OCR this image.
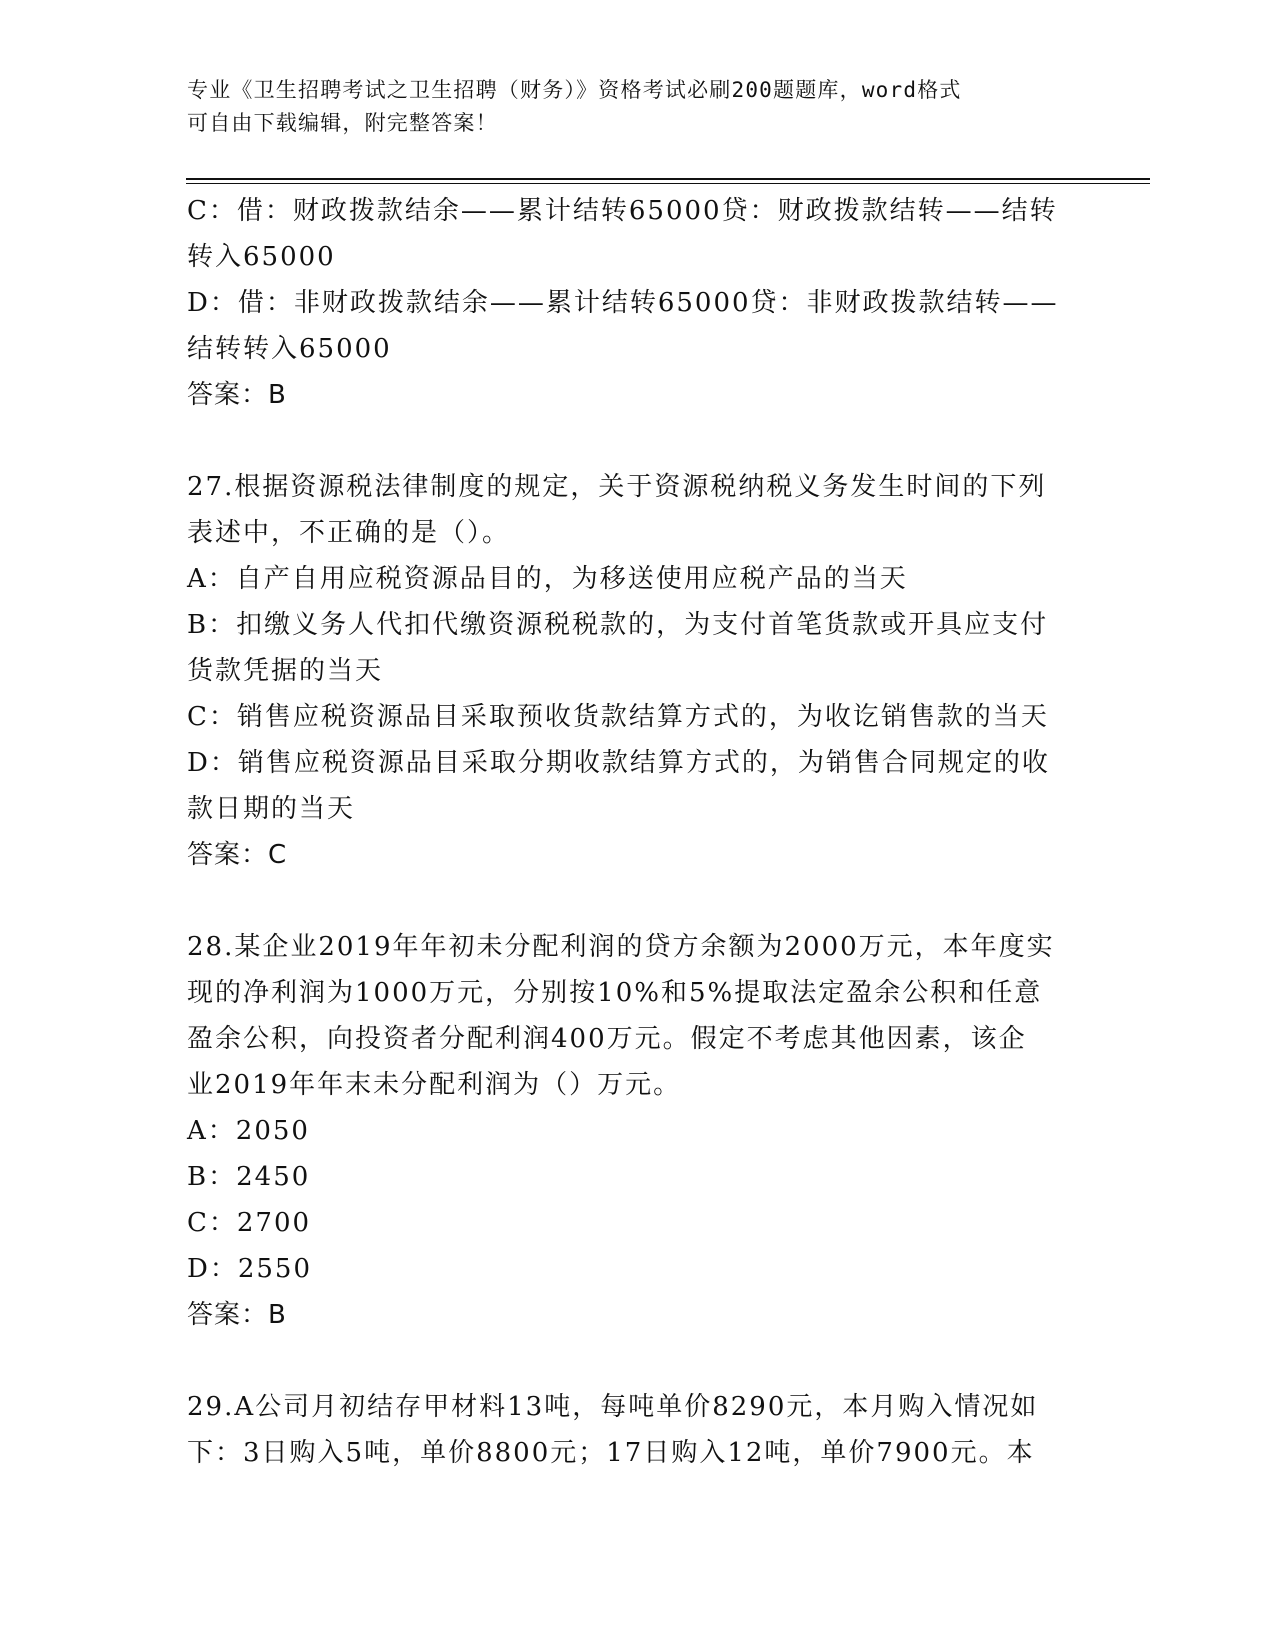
专业《卫生招聘考试之卫生招聘（财务）》资格考试必刷200题题库，word格式
可自由下载编辑，附完整答案！
C：借：财政拨款结余——累计结转65000贷：财政拨款结转——结转
转入65000
D：借：非财政拨款结余——累计结转65000贷：非财政拨款结转——
结转转入65000
答案：B
27.根据资源税法律制度的规定，关于资源税纳税义务发生时间的下列
表述中，不正确的是（）。
A：自产自用应税资源品目的，为移送使用应税产品的当天
B：扣缴义务人代扣代缴资源税税款的，为支付首笔货款或开具应支付
货款凭据的当天
C：销售应税资源品目采取预收货款结算方式的，为收讫销售款的当天
D：销售应税资源品目采取分期收款结算方式的，为销售合同规定的收
款日期的当天
答案：C
28.某企业2019年年初未分配利润的贷方余额为2000万元，本年度实
现的净利润为1000万元，分别按10%和5%提取法定盈余公积和任意
盈余公积，向投资者分配利润400万元。假定不考虑其他因素，该企
业2019年年末未分配利润为（）万元。
A：2050
B：2450
C：2700
D：2550
答案：B
29.A公司月初结存甲材料13吨，每吨单价8290元，本月购入情况如
下：3日购入5吨，单价8800元；17日购入12吨，单价7900元。本
